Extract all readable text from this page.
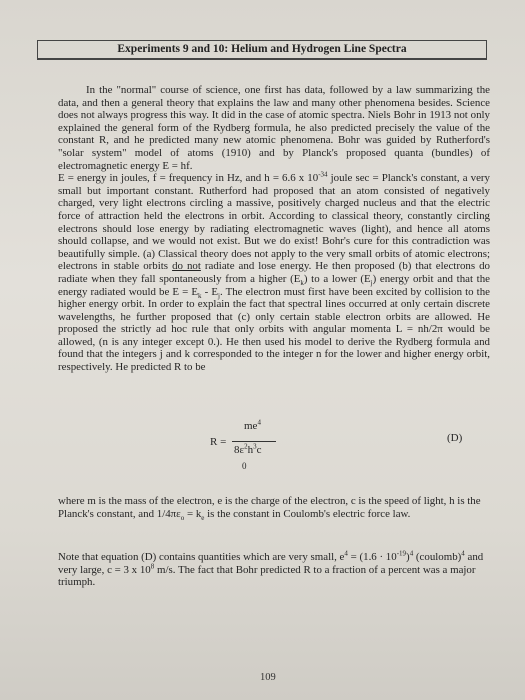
Experiments 9 and 10: Helium and Hydrogen Line Spectra

In the "normal" course of science, one first has data, followed by a law summarizing the data, and then a general theory that explains the law and many other phenomena besides. Science does not always progress this way. It did in the case of atomic spectra. Niels Bohr in 1913 not only explained the general form of the Rydberg formula, he also predicted precisely the value of the constant R, and he predicted many new atomic phenomena. Bohr was guided by Rutherford's "solar system" model of atoms (1910) and by Planck's proposed quanta (bundles) of electromagnetic energy E = hf.

E = energy in joules, f = frequency in Hz, and h = 6.6 x $10^{-34}$ joule sec = Planck's constant, a very small but important constant. Rutherford had proposed that an atom consisted of negatively charged, very light electrons circling a massive, positively charged nucleus and that the electric force of attraction held the electrons in orbit. According to classical theory, constantly circling electrons should lose energy by radiating electromagnetic waves (light), and hence all atoms should collapse, and we would not exist. But we do exist! Bohr's cure for this contradiction was beautifully simple. (a) Classical theory does not apply to the very small orbits of atomic electrons; electrons in stable orbits do not radiate and lose energy. He then proposed (b) that electrons do radiate when they fall spontaneously from a higher $(E_k)$ to a lower $(E_j)$ energy orbit and that the energy radiated would be $E = E_k - E_j$. The electron must first have been excited by collision to the higher energy orbit. In order to explain the fact that spectral lines occurred at only certain discrete wavelengths, he further proposed that (c) only certain stable electron orbits are allowed. He proposed the strictly ad hoc rule that only orbits with angular momenta L = nh/2π would be allowed, (n is any integer except 0.). He then used his model to derive the Rydberg formula and found that the integers j and k corresponded to the integer n for the lower and higher energy orbit, respectively. He predicted R to be

R =
$me^4$
$8\varepsilon^2h^3c$
0
(D)

where m is the mass of the electron, e is the charge of the electron, c is the speed of light, h is the Planck's constant, and $1/4\pi\varepsilon_o = k_e$ is the constant in Coulomb's electric force law.

Note that equation (D) contains quantities which are very small, $e^4 = (1.6 \cdot 10^{-19})^4$ (coulomb)$^4$ and very large, c = 3 x $10^8$ m/s. The fact that Bohr predicted R to a fraction of a percent was a major triumph.

109
